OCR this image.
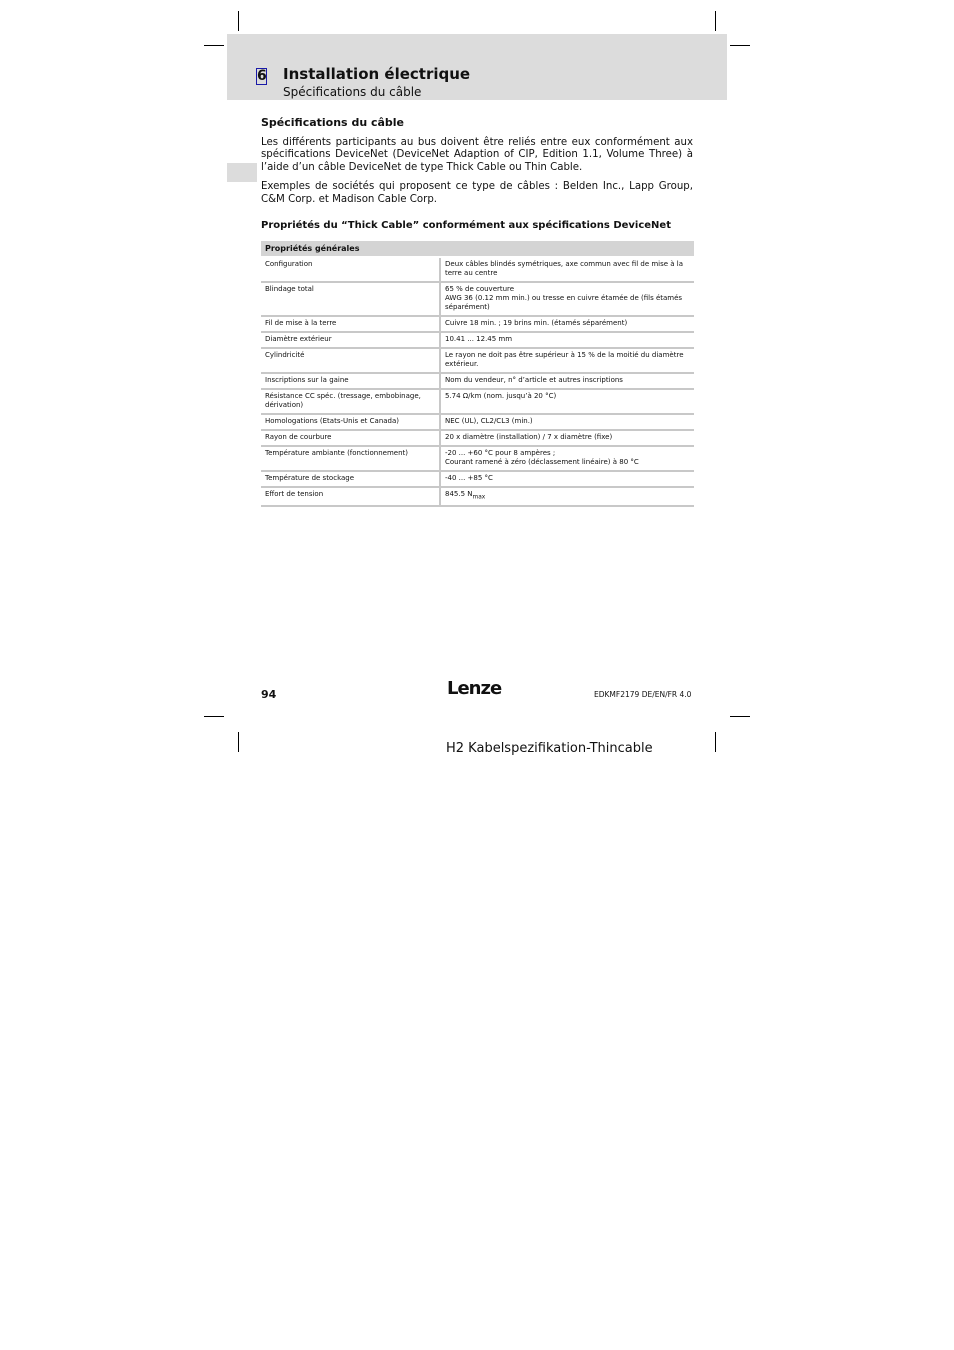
6 Installation électrique
Spécifications du câble
Spécifications du câble

Les différents participants au bus doivent être reliés entre eux conformément aux spécifications DeviceNet (DeviceNet Adaption of CIP, Edition 1.1, Volume Three) à l’aide d’un câble DeviceNet de type Thick Cable ou Thin Cable.

Exemples de sociétés qui proposent ce type de câbles : Belden Inc., Lapp Group, C&M Corp. et Madison Cable Corp.

Propriétés du “Thick Cable” conformément aux spécifications DeviceNet
Propriétés générales	
Configuration	Deux câbles blindés symétriques, axe commun avec fil de mise à la terre au centre
Blindage total	65 % de couverture
AWG 36 (0.12 mm min.) ou tresse en cuivre étamée de (fils étamés séparément)

Fil de mise à la terre	Cuivre 18 min. ; 19 brins min. (étamés séparément)
Diamètre extérieur	10.41 ... 12.45 mm
Cylindricité	Le rayon ne doit pas être supérieur à 15 % de la moitié du diamètre extérieur.
Inscriptions sur la gaine	Nom du vendeur, n° d’article et autres inscriptions
Résistance CC spéc. (tressage, embobinage, dérivation)	5.74 Ω/km (nom. jusqu’à 20 °C)
Homologations (Etats-Unis et Canada)	NEC (UL), CL2/CL3 (min.)
Rayon de courbure	20 x diamètre (installation) / 7 x diamètre (fixe)
Température ambiante (fonctionnement)	-20 ... +60 °C pour 8 ampères ;
Courant ramené à zéro (déclassement linéaire) à 80 °C

Température de stockage	-40 ... +85 °C
Effort de tension	845.5 $N_{max}$
94	Lenze	EDKMF2179 DE/EN/FR 4.0
H2 Kabelspezifikation-Thincable
